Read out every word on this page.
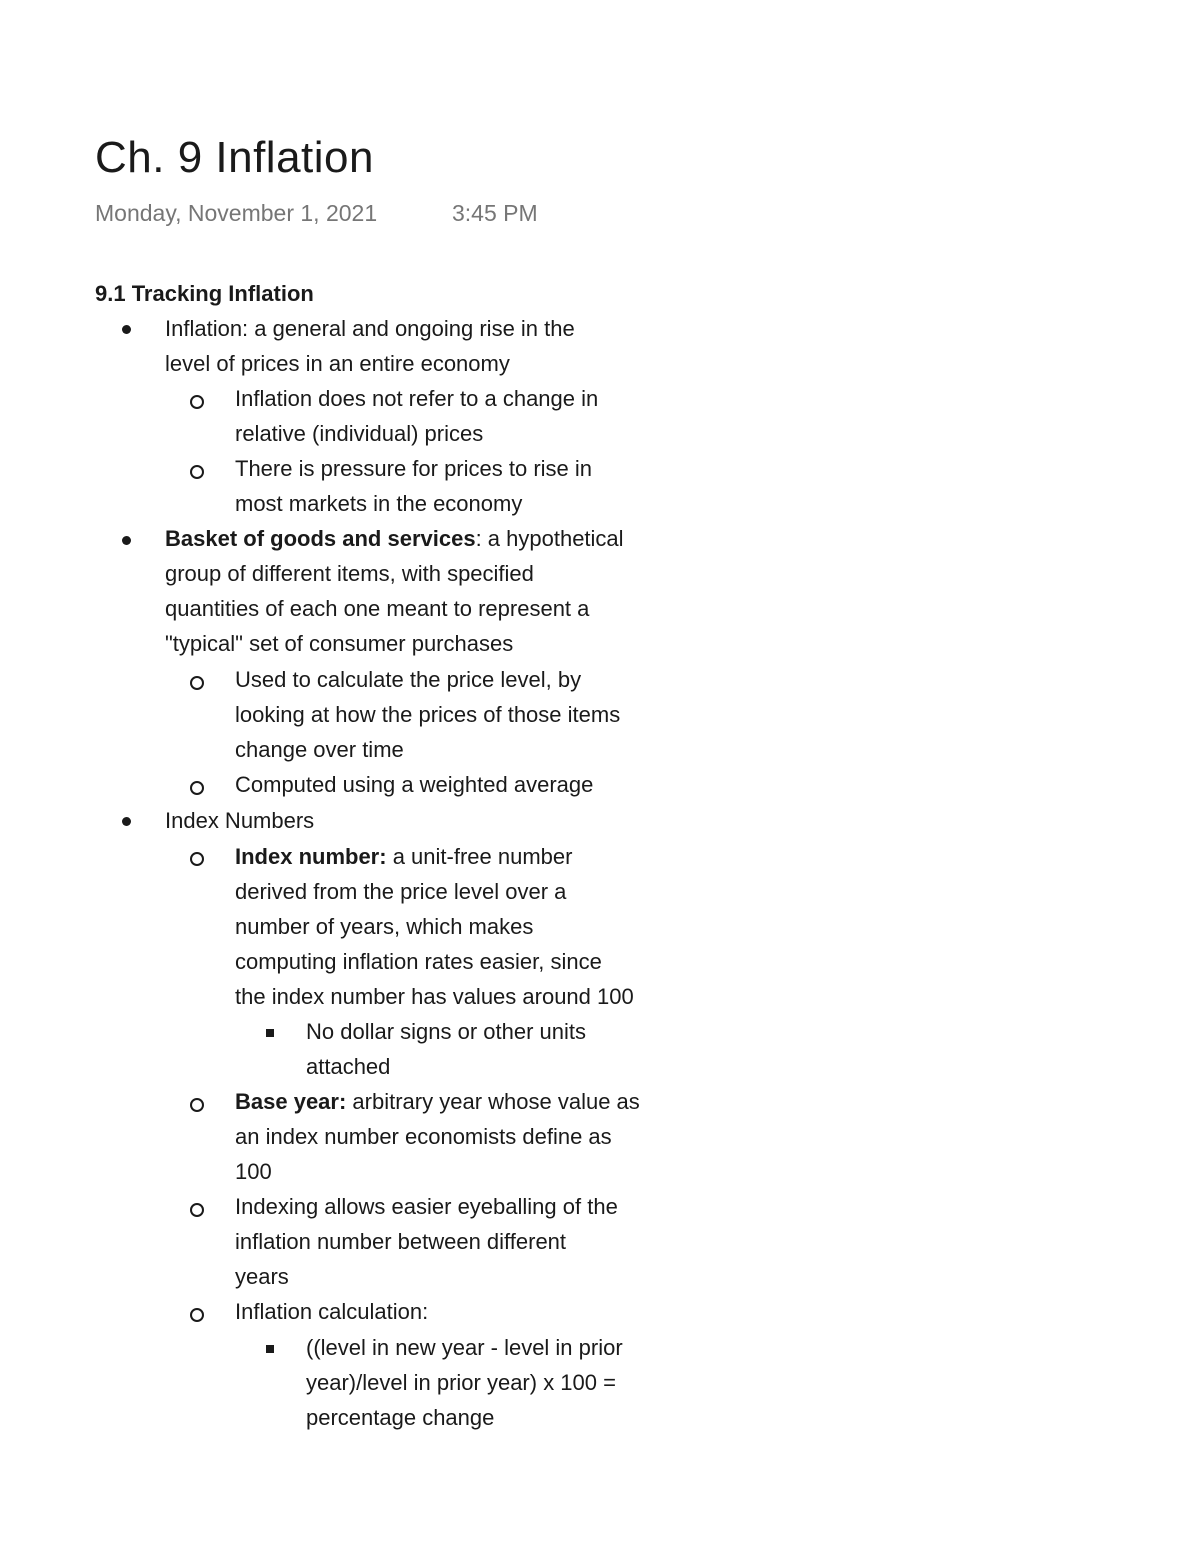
Ch. 9 Inflation
Monday, November 1, 2021	3:45 PM
9.1 Tracking Inflation
Inflation: a general and ongoing rise in the
level of prices in an entire economy
Inflation does not refer to a change in
relative (individual) prices
There is pressure for prices to rise in
most markets in the economy
Basket of goods and services: a hypothetical
group of different items, with specified
quantities of each one meant to represent a
"typical" set of consumer purchases
Used to calculate the price level, by
looking at how the prices of those items
change over time
Computed using a weighted average
Index Numbers
Index number: a unit-free number
derived from the price level over a
number of years, which makes
computing inflation rates easier, since
the index number has values around 100
No dollar signs or other units
attached
Base year: arbitrary year whose value as
an index number economists define as
100
Indexing allows easier eyeballing of the
inflation number between different
years
Inflation calculation:
((level in new year - level in prior
year)/level in prior year) x 100 =
percentage change
